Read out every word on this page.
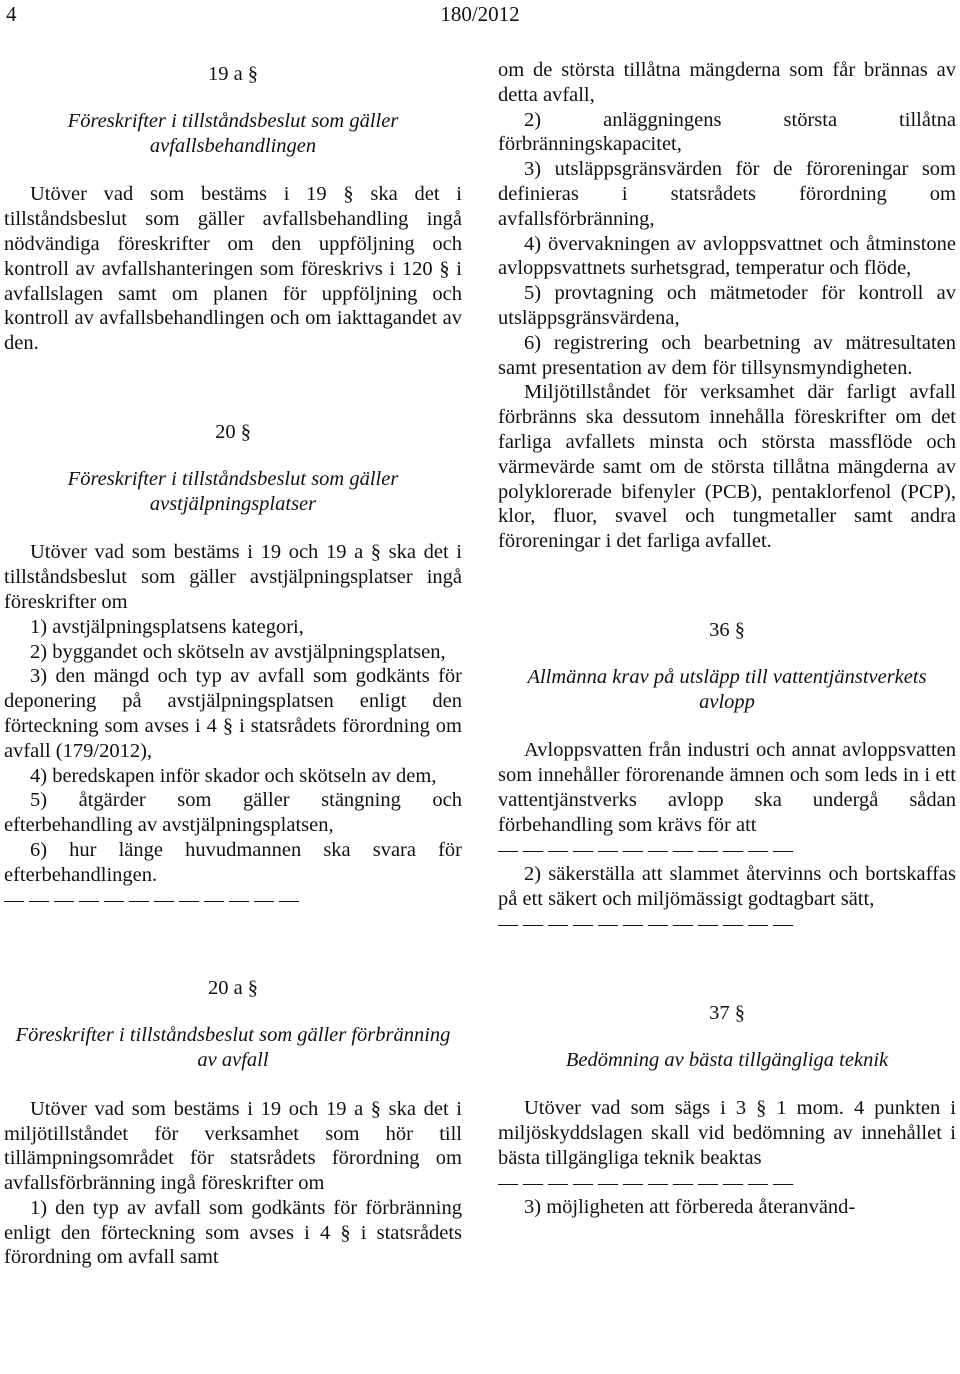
4	180/2012
19 a §
Föreskrifter i tillståndsbeslut som gäller avfallsbehandlingen

Utöver vad som bestäms i 19 § ska det i tillståndsbeslut som gäller avfallsbehandling ingå nödvändiga föreskrifter om den uppföljning och kontroll av avfallshanteringen som föreskrivs i 120 § i avfallslagen samt om planen för uppföljning och kontroll av avfallsbehandlingen och om iakttagandet av den.

20 §
Föreskrifter i tillståndsbeslut som gäller avstjälpningsplatser

Utöver vad som bestäms i 19 och 19 a § ska det i tillståndsbeslut som gäller avstjälpningsplatser ingå föreskrifter om

1) avstjälpningsplatsens kategori,

2) byggandet och skötseln av avstjälpningsplatsen,

3) den mängd och typ av avfall som godkänts för deponering på avstjälpningsplatsen enligt den förteckning som avses i 4 § i statsrådets förordning om avfall (179/2012),

4) beredskapen inför skador och skötseln av dem,

5) åtgärder som gäller stängning och efterbehandling av avstjälpningsplatsen,

6) hur länge huvudmannen ska svara för efterbehandlingen.

— — — — — — — — — — — —
20 a §
Föreskrifter i tillståndsbeslut som gäller förbränning av avfall

Utöver vad som bestäms i 19 och 19 a § ska det i miljötillståndet för verksamhet som hör till tillämpningsområdet för statsrådets förordning om avfallsförbränning ingå föreskrifter om

1) den typ av avfall som godkänts för förbränning enligt den förteckning som avses i 4 § i statsrådets förordning om avfall samt

om de största tillåtna mängderna som får brännas av detta avfall,

2) anläggningens största tillåtna förbränningskapacitet,

3) utsläppsgränsvärden för de föroreningar som definieras i statsrådets förordning om avfallsförbränning,

4) övervakningen av avloppsvattnet och åtminstone avloppsvattnets surhetsgrad, temperatur och flöde,

5) provtagning och mätmetoder för kontroll av utsläppsgränsvärdena,

6) registrering och bearbetning av mätresultaten samt presentation av dem för tillsynsmyndigheten.

Miljötillståndet för verksamhet där farligt avfall förbränns ska dessutom innehålla föreskrifter om det farliga avfallets minsta och största massflöde och värmevärde samt om de största tillåtna mängderna av polyklorerade bifenyler (PCB), pentaklorfenol (PCP), klor, fluor, svavel och tungmetaller samt andra föroreningar i det farliga avfallet.

36 §
Allmänna krav på utsläpp till vattentjänstverkets avlopp

Avloppsvatten från industri och annat avloppsvatten som innehåller förorenande ämnen och som leds in i ett vattentjänstverks avlopp ska undergå sådan förbehandling som krävs för att

— — — — — — — — — — — —

2) säkerställa att slammet återvinns och bortskaffas på ett säkert och miljömässigt godtagbart sätt,

— — — — — — — — — — — —
37 §
Bedömning av bästa tillgängliga teknik

Utöver vad som sägs i 3 § 1 mom. 4 punkten i miljöskyddslagen skall vid bedömning av innehållet i bästa tillgängliga teknik beaktas

— — — — — — — — — — — —

3) möjligheten att förbereda återanvänd-
